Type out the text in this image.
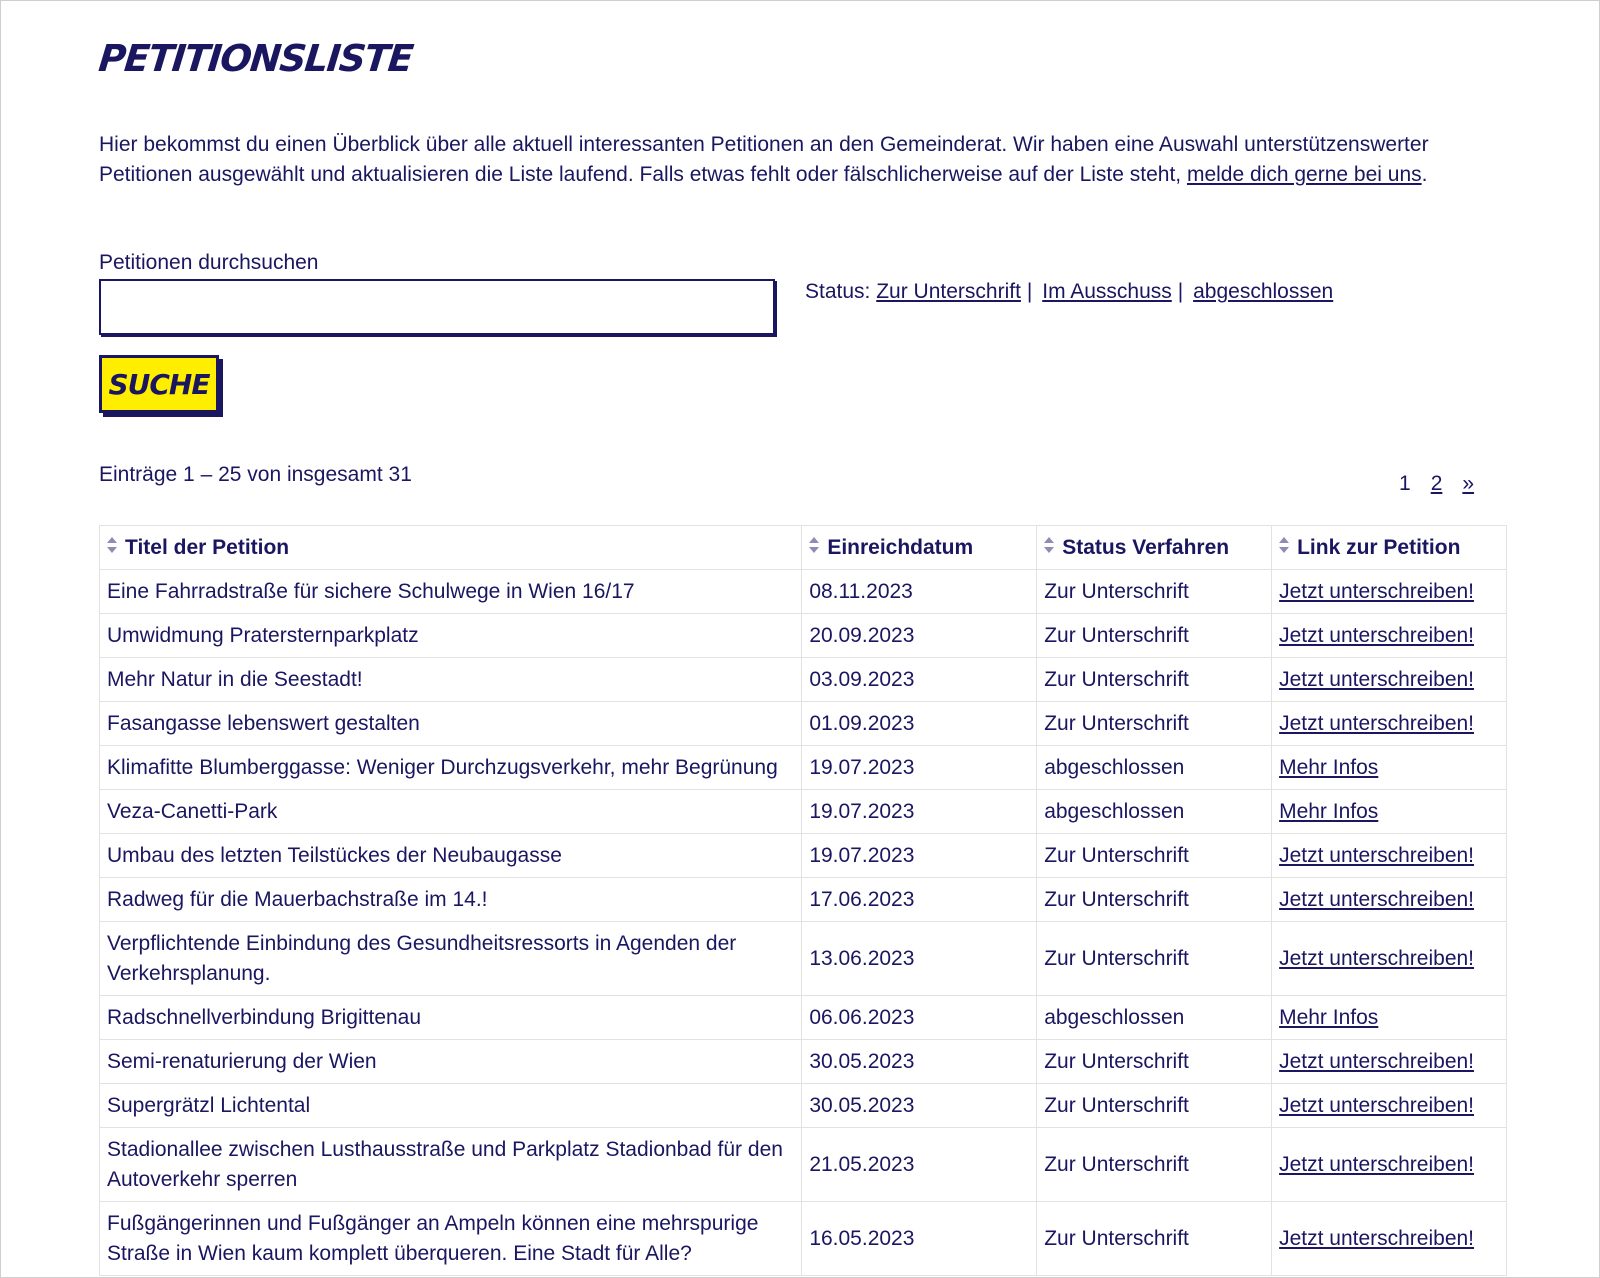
PETITIONSLISTE

Hier bekommst du einen Überblick über alle aktuell interessanten Petitionen an den Gemeinderat. Wir haben eine Auswahl unterstützenswerter Petitionen ausgewählt und aktualisieren die Liste laufend. Falls etwas fehlt oder fälschlicherweise auf der Liste steht, melde dich gerne bei uns.

Petitionen durchsuchen
Status: Zur Unterschrift | Im Ausschuss | abgeschlossen
SUCHE
Einträge 1 – 25 von insgesamt 31	1 2 »
Titel der Petition	Einreichdatum	Status Verfahren	Link zur Petition
Eine Fahrradstraße für sichere Schulwege in Wien 16/17	08.11.2023	Zur Unterschrift	Jetzt unterschreiben!
Umwidmung Pratersternparkplatz	20.09.2023	Zur Unterschrift	Jetzt unterschreiben!
Mehr Natur in die Seestadt!	03.09.2023	Zur Unterschrift	Jetzt unterschreiben!
Fasangasse lebenswert gestalten	01.09.2023	Zur Unterschrift	Jetzt unterschreiben!
Klimafitte Blumberggasse: Weniger Durchzugsverkehr, mehr Begrünung	19.07.2023	abgeschlossen	Mehr Infos
Veza-Canetti-Park	19.07.2023	abgeschlossen	Mehr Infos
Umbau des letzten Teilstückes der Neubaugasse	19.07.2023	Zur Unterschrift	Jetzt unterschreiben!
Radweg für die Mauerbachstraße im 14.!	17.06.2023	Zur Unterschrift	Jetzt unterschreiben!
Verpflichtende Einbindung des Gesundheitsressorts in Agenden der Verkehrsplanung.	13.06.2023	Zur Unterschrift	Jetzt unterschreiben!
Radschnellverbindung Brigittenau	06.06.2023	abgeschlossen	Mehr Infos
Semi-renaturierung der Wien	30.05.2023	Zur Unterschrift	Jetzt unterschreiben!
Supergrätzl Lichtental	30.05.2023	Zur Unterschrift	Jetzt unterschreiben!
Stadionallee zwischen Lusthausstraße und Parkplatz Stadionbad für den Autoverkehr sperren	21.05.2023	Zur Unterschrift	Jetzt unterschreiben!
Fußgängerinnen und Fußgänger an Ampeln können eine mehrspurige Straße in Wien kaum komplett überqueren. Eine Stadt für Alle?	16.05.2023	Zur Unterschrift	Jetzt unterschreiben!
